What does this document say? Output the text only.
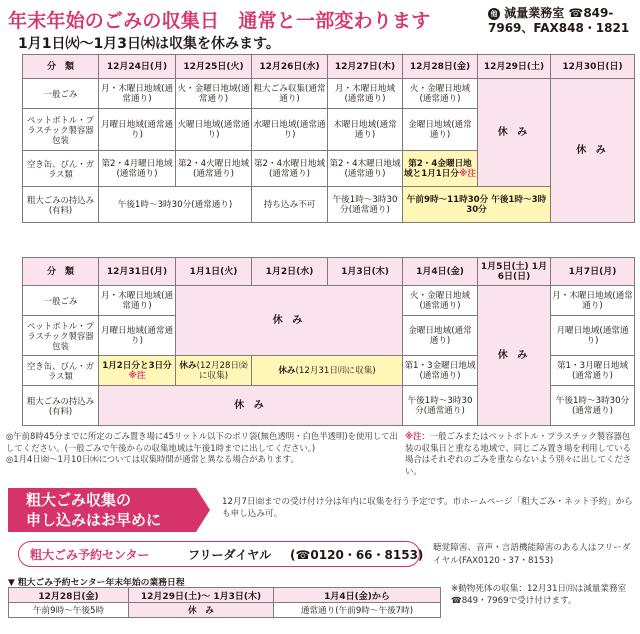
年末年始のごみの収集日　通常と一部変わります
1月1日㈫〜1月3日㈭は収集を休みます。
他 減量業務室 ☎849-
7969、FAX848・1821
分　類	12月24日(月)	12月25日(火)	12月26日(水)	12月27日(木)	12月28日(金)	12月29日(土)	12月30日(日)
一般ごみ	月・木曜日地域(通常通り)	火・金曜日地域(通常通り)	粗大ごみ収集(通常通り)	月・木曜日地域(通常通り)	火・金曜日地域(通常通り)	休 み	休 み
ペットボトル・プラスチック製容器包装	月曜日地域(通常通り)	火曜日地域(通常通り)	水曜日地域(通常通り)	木曜日地域(通常通り)	金曜日地域(通常通り)		
空き缶、びん・ガラス類	第2・4月曜日地域(通常通り)	第2・4火曜日地域(通常通り)	第2・4水曜日地域(通常通り)	第2・4木曜日地域(通常通り)	第2・4金曜日地域と1月1日分※注		
粗大ごみの持込み(有料)	午後1時〜3時30分(通常通り)		持ち込み不可	午後1時〜3時30分(通常通り)	午前9時〜11時30分 午後1時〜3時30分		
分　類	12月31日(月)	1月1日(火)	1月2日(水)	1月3日(木)	1月4日(金)	1月5日(土) 1月6日(日)	1月7日(月)
一般ごみ	月・木曜日地域(通常通り)	休 み			火・金曜日地域(通常通り)	休 み	月・木曜日地域(通常通り)
ペットボトル・プラスチック製容器包装	月曜日地域(通常通り)				金曜日地域(通常通り)		月曜日地域(通常通り)
空き缶、びん・ガラス類	1月2日分と3日分※注	休み(12月28日㈮に収集)	休み(12月31日㈪に収集)		第1・3金曜日地域(通常通り)		第1・3月曜日地域(通常通り)
粗大ごみの持込み(有料)	休 み				午後1時〜3時30分(通常通り)		午後1時〜3時30分(通常通り)
◎午前8時45分までに所定のごみ置き場に45リットル以下のポリ袋(無色透明・白色半透明)を使用して出してください。(一般ごみで午後からの収集地域は午後1時までに出してください。)
◎1月4日㈮〜1月10日㈭については収集時間が通常と異なる場合があります。
※注：一般ごみまたはペットボトル・プラスチック製容器包装の収集日と重なる地域で、同じごみ置き場を利用している場合はそれぞれのごみを重ならないよう別々に出してください。
粗大ごみ収集の
申し込みはお早めに
12月7日㈮までの受け付け分は年内に収集を行う予定です。市ホームページ「粗大ごみ・ネット予約」からも申し込み可。
粗大ごみ予約センター	フリーダイヤル (☎0120・66・8153) 聴覚障害、音声・言語機能障害のある人はフリーダイヤル(FAX0120・37・8153)
▼ 粗大ごみ予約センター年末年始の業務日程
12月28日(金)	12月29日(土)〜 1月3日(木)	1月4日(金)から
午前9時〜午後5時	休　み	通常通り(午前9時〜午後7時)
※動物死体の収集：12月31日㈪は減量業務室☎849・7969で受け付けます。
